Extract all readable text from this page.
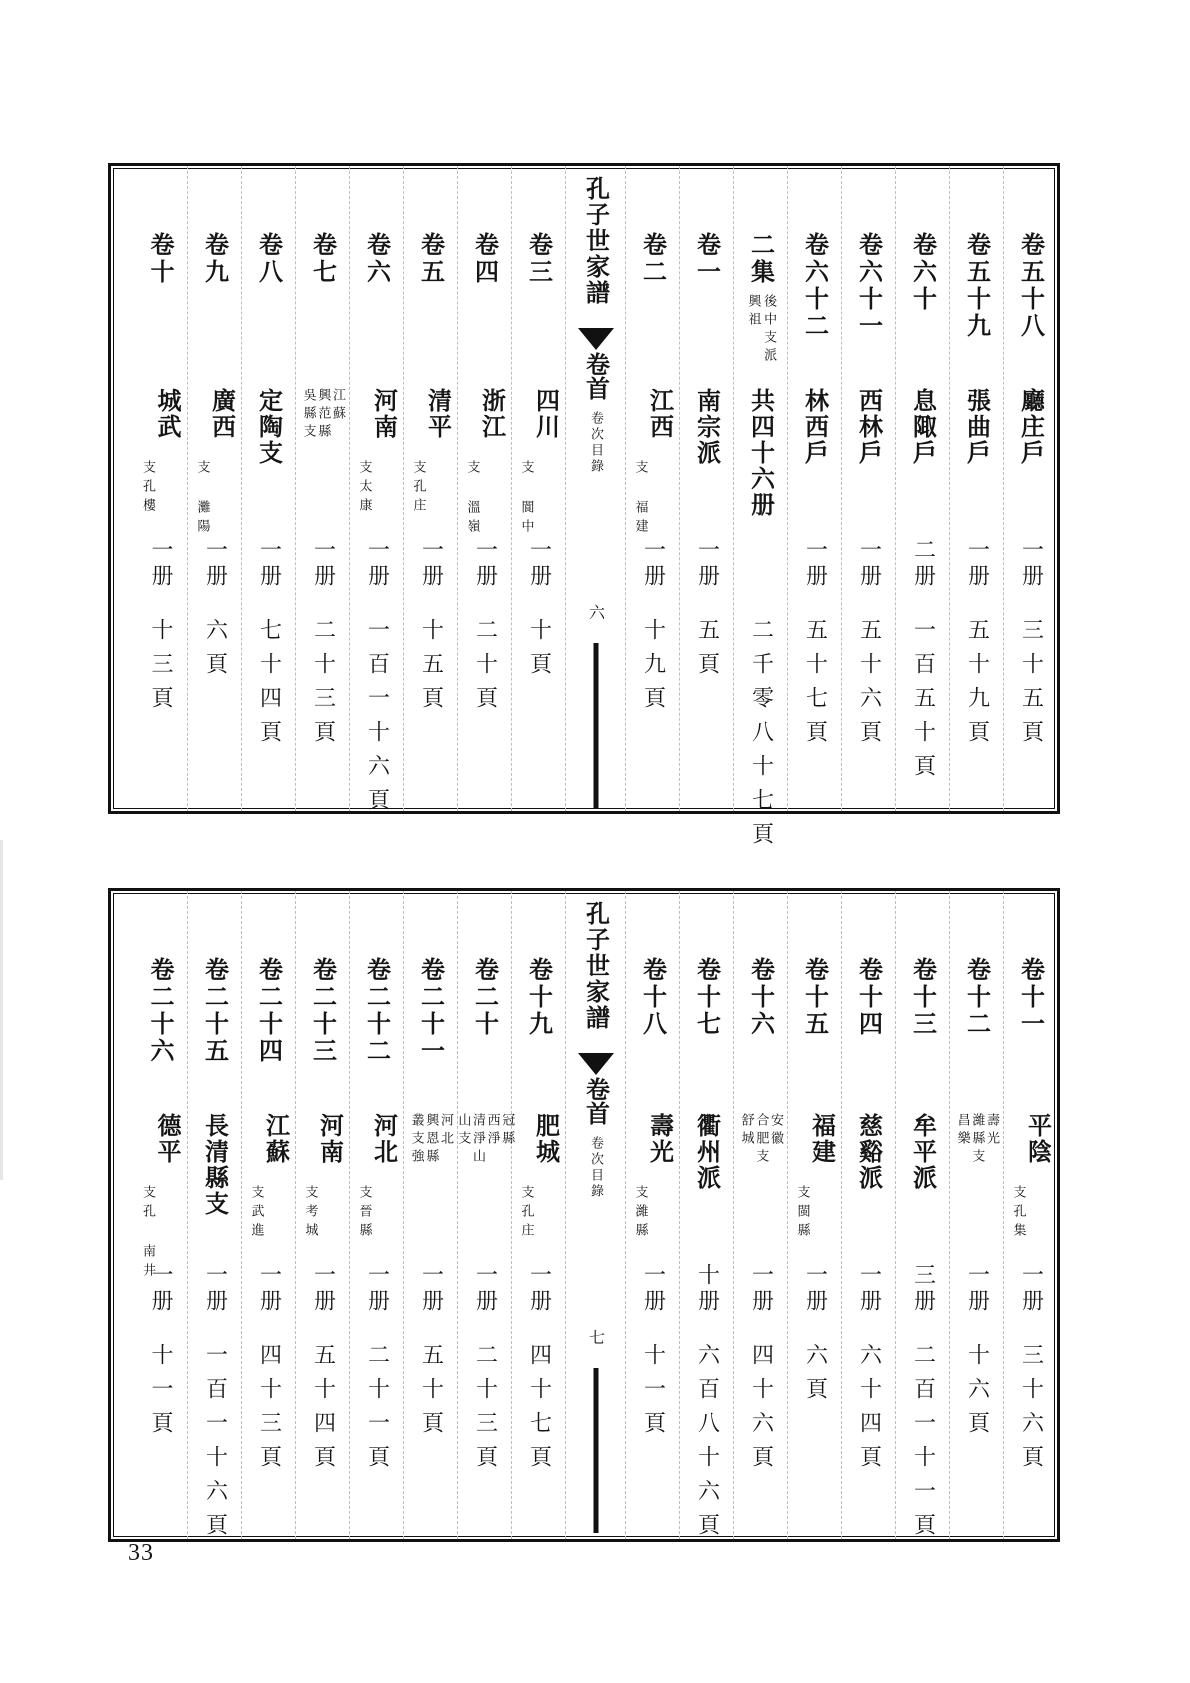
卷五十八
廳庄戶
一册
三十五頁
卷五十九
張曲戶
一册
五十九頁
卷六十
息陬戶
二册
一百五十頁
卷六十一
西林戶
一册
五十六頁
卷六十二
林西戶
一册
五十七頁
二集
後中支派
興祖
共四十六册
二千零八十七頁
卷一
南宗派
一册
五頁
卷二
江西
支 福建
一册
十九頁
孔子世家譜
卷首
卷次目錄
六
卷三
四川
支 閬中
一册
十頁
卷四
浙江
支 溫嶺
一册
二十頁
卷五
清平
支孔庄
一册
十五頁
卷六
河南
支太康
一册
一百一十六頁
卷七
江蘇
興范縣
吳縣支
一册
二十三頁
卷八
定陶支
一册
七十四頁
卷九
廣西
支 灘陽
一册
六頁
卷十
城武
支孔樓
一册
十三頁
卷十一
平陰
支孔集
一册
三十六頁
卷十二
壽光
濰縣支
昌樂
一册
十六頁
卷十三
牟平派
三册
二百一十一頁
卷十四
慈谿派
一册
六十四頁
卷十五
福建
支閩縣
一册
六頁
卷十六
安徽
合肥支
舒城
一册
四十六頁
卷十七
衢州派
十册
六百八十六頁
卷十八
壽光
支濰縣
一册
十一頁
孔子世家譜
卷首
卷次目錄
七
卷十九
肥城
支孔庄
一册
四十七頁
卷二十
冠縣
西淨
清淨山
山支
一册
二十三頁
卷二十一
河北
興恩縣
叢支強
一册
五十頁
卷二十二
河北
支晉縣
一册
二十一頁
卷二十三
河南
支考城
一册
五十四頁
卷二十四
江蘇
支武進
一册
四十三頁
卷二十五
長清縣支
一册
一百一十六頁
卷二十六
德平
支孔 南井
一册
十一頁
33
